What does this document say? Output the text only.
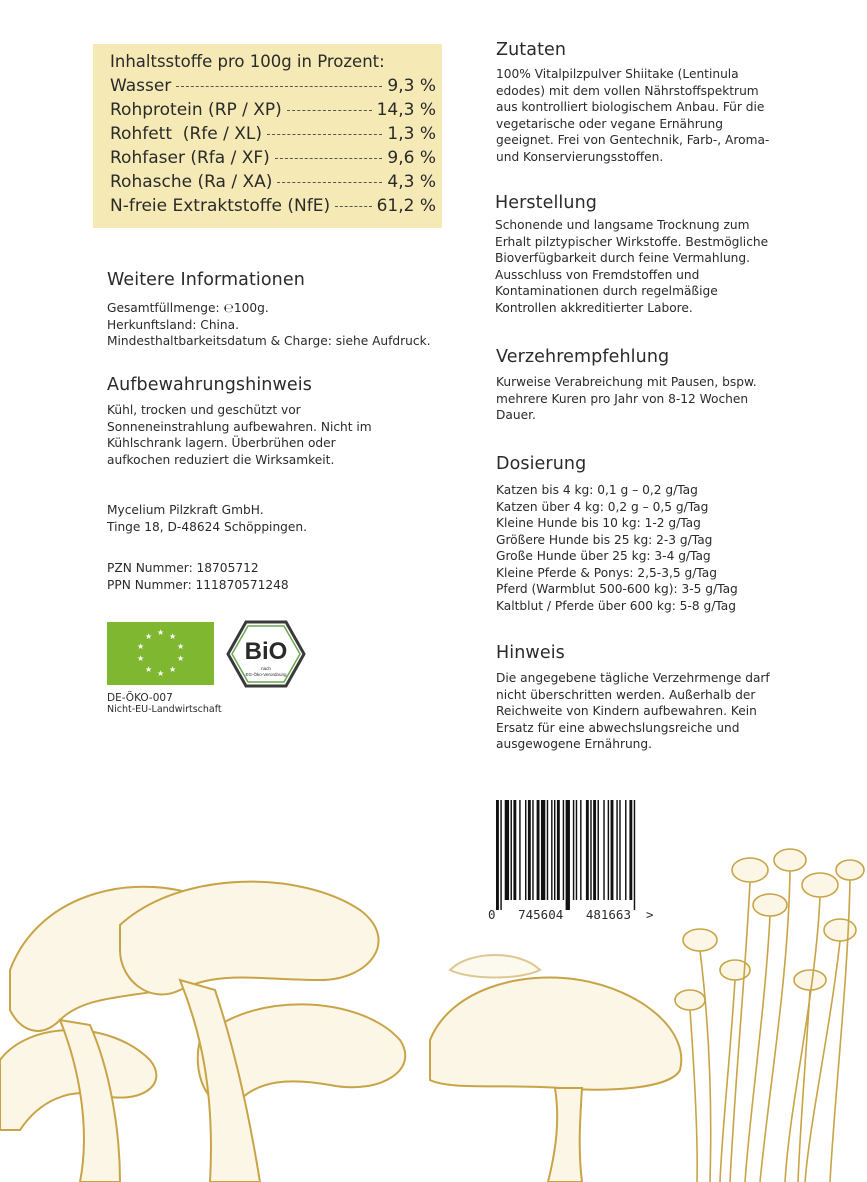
Inhaltsstoffe pro 100g in Prozent:
Wasser	9,3 %
Rohprotein (RP / XP)	14,3 %
Rohfett  (Rfe / XL)	1,3 %
Rohfaser (Rfa / XF)	9,6 %
Rohasche (Ra / XA)	4,3 %
N-freie Extraktstoffe (NfE)	61,2 %
Weitere Informationen
Gesamtfüllmenge: ℮100g.
Herkunftsland: China.
Mindesthaltbarkeitsdatum & Charge: siehe Aufdruck.
Aufbewahrungshinweis
Kühl, trocken und geschützt vor
Sonneneinstrahlung aufbewahren. Nicht im
Kühlschrank lagern. Überbrühen oder
aufkochen reduziert die Wirksamkeit.
Mycelium Pilzkraft GmbH.
Tinge 18, D-48624 Schöppingen.
PZN Nummer: 18705712
PPN Nummer: 111870571248
★ ★ ★
★
★
★
★
★
★
★	BiO
nach
EG-Öko-Verordnung
DE-ÖKO-007
Nicht-EU-Landwirtschaft
Zutaten
100% Vitalpilzpulver Shiitake (Lentinula
edodes) mit dem vollen Nährstoffspektrum
aus kontrolliert biologischem Anbau. Für die
vegetarische oder vegane Ernährung
geeignet. Frei von Gentechnik, Farb-, Aroma-
und Konservierungsstoffen.
Herstellung
Schonende und langsame Trocknung zum
Erhalt pilztypischer Wirkstoffe. Bestmögliche
Bioverfügbarkeit durch feine Vermahlung.
Ausschluss von Fremdstoffen und
Kontaminationen durch regelmäßige
Kontrollen akkreditierter Labore.
Verzehrempfehlung
Kurweise Verabreichung mit Pausen, bspw.
mehrere Kuren pro Jahr von 8-12 Wochen
Dauer.
Dosierung
Katzen bis 4 kg: 0,1 g – 0,2 g/Tag
Katzen über 4 kg: 0,2 g – 0,5 g/Tag
Kleine Hunde bis 10 kg: 1-2 g/Tag
Größere Hunde bis 25 kg: 2-3 g/Tag
Große Hunde über 25 kg: 3-4 g/Tag
Kleine Pferde & Ponys: 2,5-3,5 g/Tag
Pferd (Warmblut 500-600 kg): 3-5 g/Tag
Kaltblut / Pferde über 600 kg: 5-8 g/Tag
Hinweis
Die angegebene tägliche Verzehrmenge darf
nicht überschritten werden. Außerhalb der
Reichweite von Kindern aufbewahren. Kein
Ersatz für eine abwechslungsreiche und
ausgewogene Ernährung.
0   745604   481663  >
